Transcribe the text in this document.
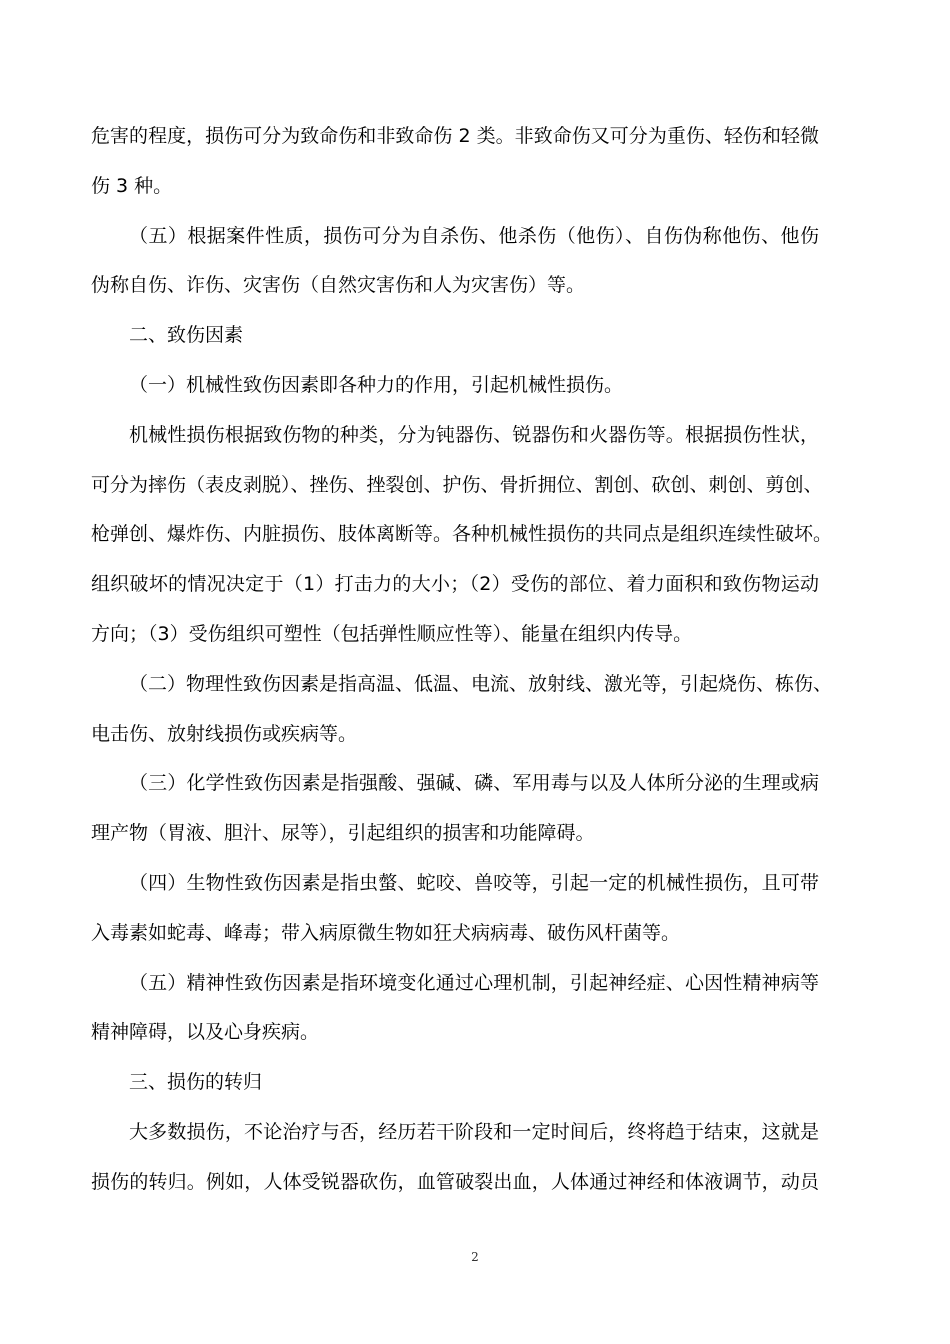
危害的程度，损伤可分为致命伤和非致命伤 2 类。非致命伤又可分为重伤、轻伤和轻微
伤 3 种。
（五）根据案件性质，损伤可分为自杀伤、他杀伤（他伤）、自伤伪称他伤、他伤
伪称自伤、诈伤、灾害伤（自然灾害伤和人为灾害伤）等。
二、致伤因素
（一）机械性致伤因素即各种力的作用，引起机械性损伤。
机械性损伤根据致伤物的种类，分为钝器伤、锐器伤和火器伤等。根据损伤性状，
可分为摔伤（表皮剥脱）、挫伤、挫裂创、护伤、骨折拥位、割创、砍创、刺创、剪创、
枪弹创、爆炸伤、内脏损伤、肢体离断等。各种机械性损伤的共同点是组织连续性破坏。
组织破坏的情况决定于（1）打击力的大小；（2）受伤的部位、着力面积和致伤物运动
方向；（3）受伤组织可塑性（包括弹性顺应性等）、能量在组织内传导。
（二）物理性致伤因素是指高温、低温、电流、放射线、激光等，引起烧伤、栋伤、
电击伤、放射线损伤或疾病等。
（三）化学性致伤因素是指强酸、强碱、磷、军用毒与以及人体所分泌的生理或病
理产物（胃液、胆汁、尿等），引起组织的损害和功能障碍。
（四）生物性致伤因素是指虫螫、蛇咬、兽咬等，引起一定的机械性损伤，且可带
入毒素如蛇毒、峰毒；带入病原微生物如狂犬病病毒、破伤风杆菌等。
（五）精神性致伤因素是指环境变化通过心理机制，引起神经症、心因性精神病等
精神障碍，以及心身疾病。
三、损伤的转归
大多数损伤，不论治疗与否，经历若干阶段和一定时间后，终将趋于结束，这就是
损伤的转归。例如，人体受锐器砍伤，血管破裂出血，人体通过神经和体液调节，动员
2
